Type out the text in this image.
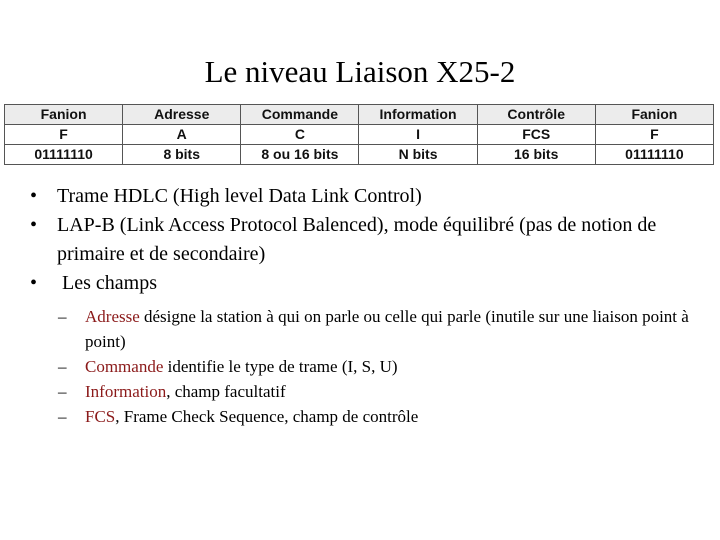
Le niveau Liaison X25-2
Fanion	Adresse	Commande	Information	Contrôle	Fanion
F	A	C	I	FCS	F
01111110	8 bits	8 ou 16 bits	N bits	16 bits	01111110
• Trame HDLC (High level Data Link Control)
• LAP-B (Link Access Protocol Balenced), mode équilibré (pas de notion de primaire et de secondaire)
• Les champs
– Adresse désigne la station à qui on parle ou celle qui parle (inutile sur une liaison point à point)
– Commande identifie le type de trame (I, S, U)
– Information, champ facultatif
– FCS, Frame Check Sequence, champ de contrôle
